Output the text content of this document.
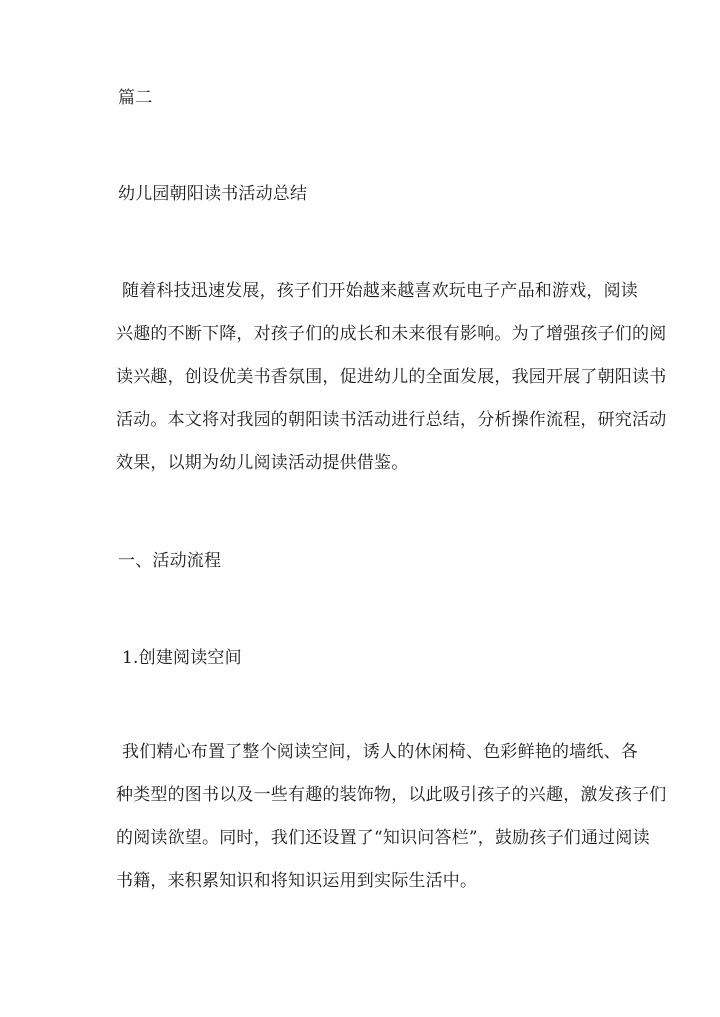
篇二
幼儿园朝阳读书活动总结
随着科技迅速发展，孩子们开始越来越喜欢玩电子产品和游戏，阅读
兴趣的不断下降，对孩子们的成长和未来很有影响。为了增强孩子们的阅
读兴趣，创设优美书香氛围，促进幼儿的全面发展，我园开展了朝阳读书
活动。本文将对我园的朝阳读书活动进行总结，分析操作流程，研究活动
效果，以期为幼儿阅读活动提供借鉴。
一、活动流程
1.创建阅读空间
我们精心布置了整个阅读空间，诱人的休闲椅、色彩鲜艳的墙纸、各
种类型的图书以及一些有趣的装饰物，以此吸引孩子的兴趣，激发孩子们
的阅读欲望。同时，我们还设置了“知识问答栏”，鼓励孩子们通过阅读
书籍，来积累知识和将知识运用到实际生活中。
